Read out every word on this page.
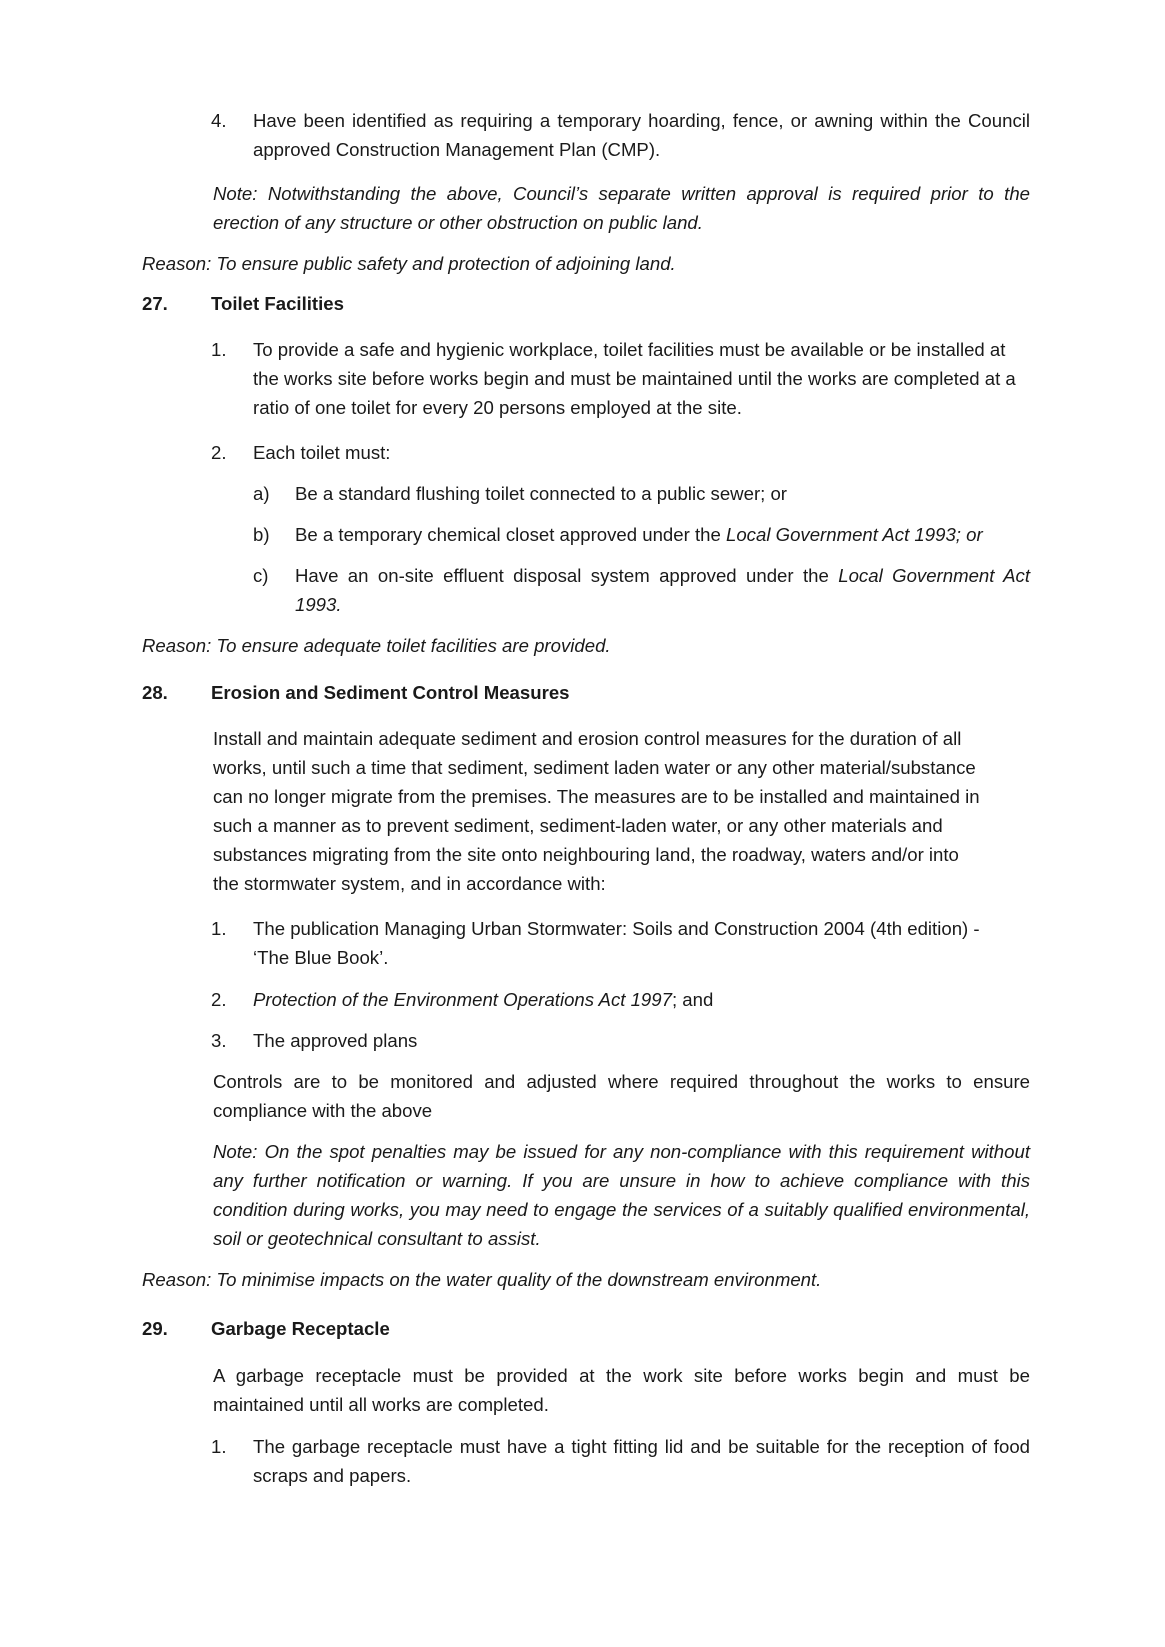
4. Have been identified as requiring a temporary hoarding, fence, or awning within the Council approved Construction Management Plan (CMP).
Note: Notwithstanding the above, Council’s separate written approval is required prior to the erection of any structure or other obstruction on public land.
Reason: To ensure public safety and protection of adjoining land.
27. Toilet Facilities
1. To provide a safe and hygienic workplace, toilet facilities must be available or be installed at the works site before works begin and must be maintained until the works are completed at a ratio of one toilet for every 20 persons employed at the site.
2. Each toilet must:
a) Be a standard flushing toilet connected to a public sewer; or
b) Be a temporary chemical closet approved under the Local Government Act 1993; or
c) Have an on-site effluent disposal system approved under the Local Government Act 1993.
Reason: To ensure adequate toilet facilities are provided.
28. Erosion and Sediment Control Measures
Install and maintain adequate sediment and erosion control measures for the duration of all
works, until such a time that sediment, sediment laden water or any other material/substance
can no longer migrate from the premises. The measures are to be installed and maintained in
such a manner as to prevent sediment, sediment-laden water, or any other materials and
substances migrating from the site onto neighbouring land, the roadway, waters and/or into
the stormwater system, and in accordance with:
1. The publication Managing Urban Stormwater: Soils and Construction 2004 (4th edition) -
‘The Blue Book’.
2. Protection of the Environment Operations Act 1997; and
3. The approved plans
Controls are to be monitored and adjusted where required throughout the works to ensure compliance with the above
Note: On the spot penalties may be issued for any non-compliance with this requirement without any further notification or warning. If you are unsure in how to achieve compliance with this condition during works, you may need to engage the services of a suitably qualified environmental, soil or geotechnical consultant to assist.
Reason: To minimise impacts on the water quality of the downstream environment.
29. Garbage Receptacle
A garbage receptacle must be provided at the work site before works begin and must be maintained until all works are completed.
1. The garbage receptacle must have a tight fitting lid and be suitable for the reception of food scraps and papers.
